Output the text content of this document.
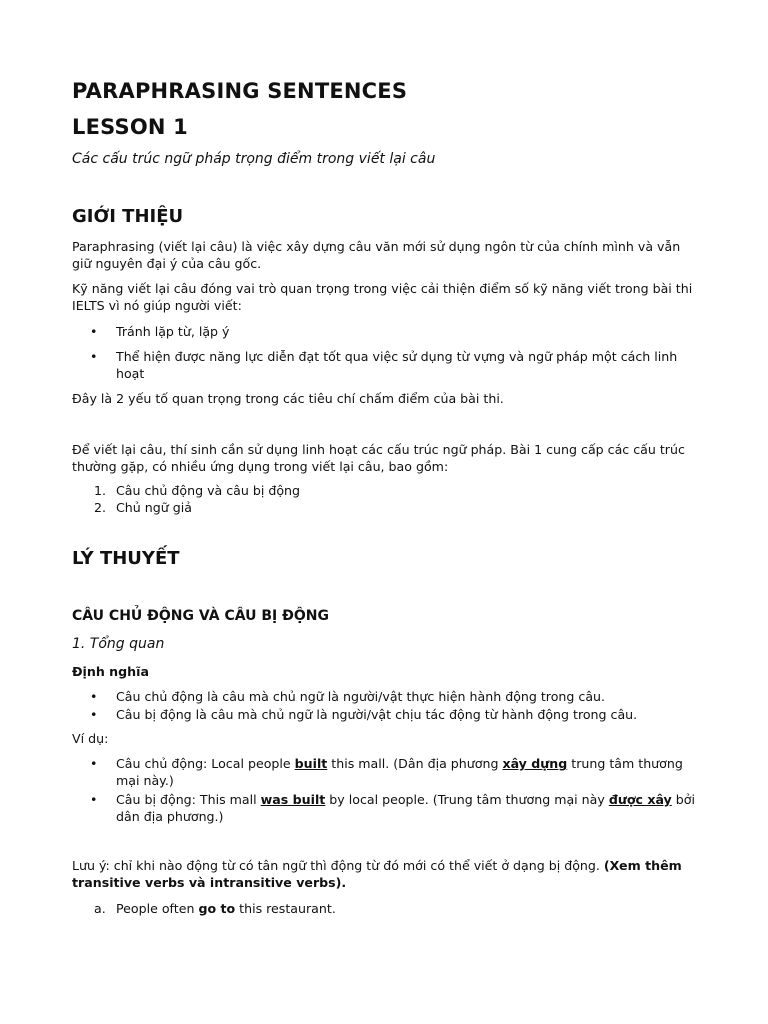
PARAPHRASING SENTENCES
LESSON 1
Các cấu trúc ngữ pháp trọng điểm trong viết lại câu
GIỚI THIỆU

Paraphrasing (viết lại câu) là việc xây dựng câu văn mới sử dụng ngôn từ của chính mình và vẫn giữ nguyên đại ý của câu gốc.

Kỹ năng viết lại câu đóng vai trò quan trọng trong việc cải thiện điểm số kỹ năng viết trong bài thi IELTS vì nó giúp người viết:

• Tránh lặp từ, lặp ý
• Thể hiện được năng lực diễn đạt tốt qua việc sử dụng từ vựng và ngữ pháp một cách linh hoạt

Đây là 2 yếu tố quan trọng trong các tiêu chí chấm điểm của bài thi.

Để viết lại câu, thí sinh cần sử dụng linh hoạt các cấu trúc ngữ pháp. Bài 1 cung cấp các cấu trúc thường gặp, có nhiều ứng dụng trong viết lại câu, bao gồm:

1. Câu chủ động và câu bị động
2. Chủ ngữ giả
LÝ THUYẾT
CÂU CHỦ ĐỘNG VÀ CÂU BỊ ĐỘNG
1. Tổng quan
Định nghĩa
• Câu chủ động là câu mà chủ ngữ là người/vật thực hiện hành động trong câu.
• Câu bị động là câu mà chủ ngữ là người/vật chịu tác động từ hành động trong câu.
Ví dụ:
• Câu chủ động: Local people built this mall. (Dân địa phương xây dựng trung tâm thương mại này.)
• Câu bị động: This mall was built by local people. (Trung tâm thương mại này được xây bởi dân địa phương.)

Lưu ý: chỉ khi nào động từ có tân ngữ thì động từ đó mới có thể viết ở dạng bị động. (Xem thêm transitive verbs và intransitive verbs).

a. People often go to this restaurant.
